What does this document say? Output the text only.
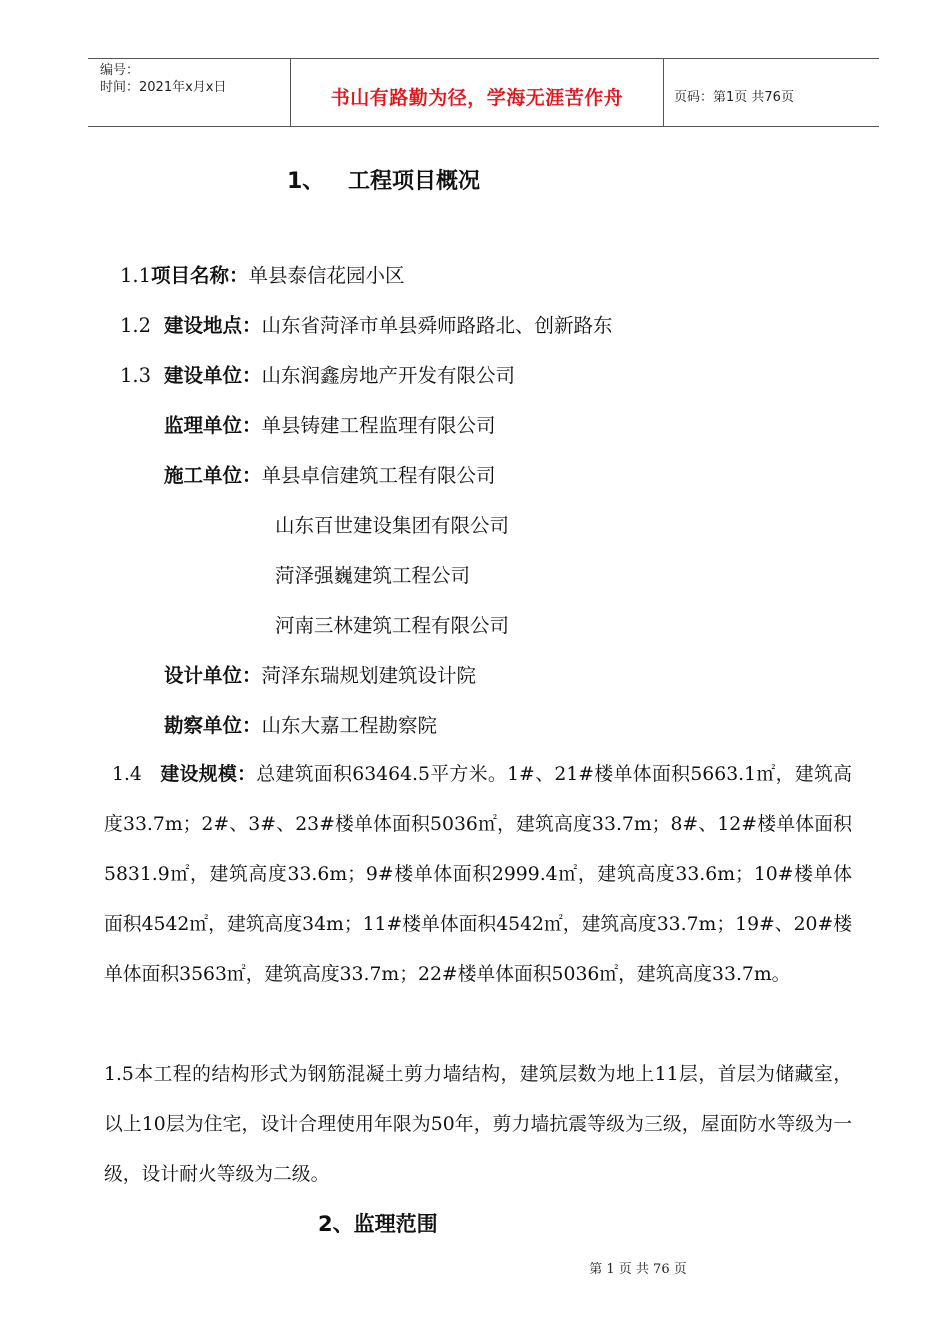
编号：
时间：2021年x月x日	书山有路勤为径，学海无涯苦作舟	页码：第1页 共76页
1、 工程项目概况
1.1项目名称：单县泰信花园小区
1.2 建设地点：山东省菏泽市单县舜师路路北、创新路东
1.3 建设单位：山东润鑫房地产开发有限公司
监理单位：单县铸建工程监理有限公司
施工单位：单县卓信建筑工程有限公司
山东百世建设集团有限公司
菏泽强巍建筑工程公司
河南三林建筑工程有限公司
设计单位：菏泽东瑞规划建筑设计院
勘察单位：山东大嘉工程勘察院

1.4 建设规模：总建筑面积63464.5平方米。1#、21#楼单体面积5663.1㎡，建筑高度33.7m；2#、3#、23#楼单体面积5036㎡，建筑高度33.7m；8#、12#楼单体面积5831.9㎡，建筑高度33.6m；9#楼单体面积2999.4㎡，建筑高度33.6m；10#楼单体面积4542㎡，建筑高度34m；11#楼单体面积4542㎡，建筑高度33.7m；19#、20#楼单体面积3563㎡，建筑高度33.7m；22#楼单体面积5036㎡，建筑高度33.7m。

1.5本工程的结构形式为钢筋混凝土剪力墙结构，建筑层数为地上11层，首层为储藏室，以上10层为住宅，设计合理使用年限为50年，剪力墙抗震等级为三级，屋面防水等级为一级，设计耐火等级为二级。

2、监理范围
第 1 页 共 76 页
